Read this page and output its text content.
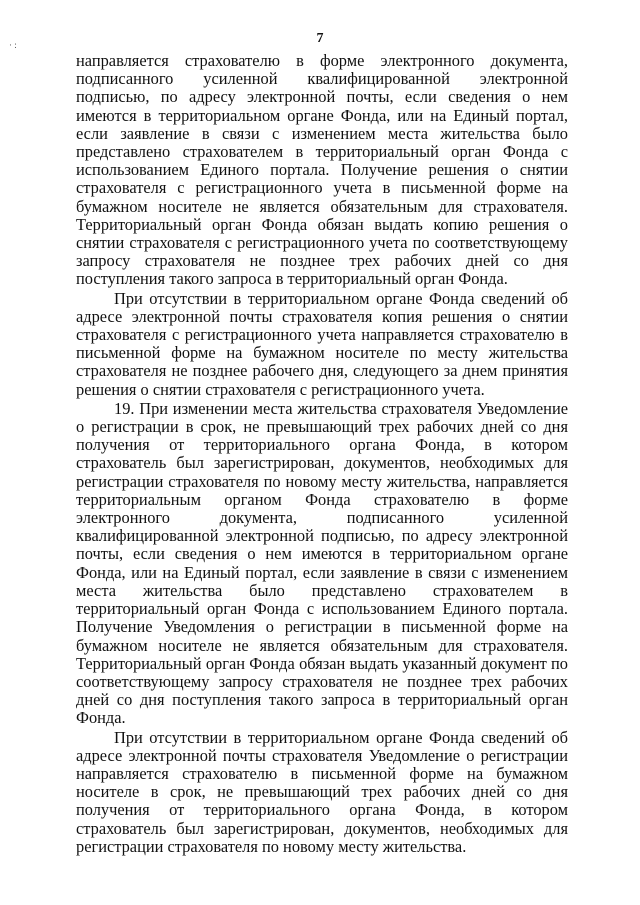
7
· :

направляется страхователю в форме электронного документа, подписанного усиленной квалифицированной электронной подписью, по адресу электронной почты, если сведения о нем имеются в территориальном органе Фонда, или на Единый портал, если заявление в связи с изменением места жительства было представлено страхователем в территориальный орган Фонда с использованием Единого портала. Получение решения о снятии страхователя с регистрационного учета в письменной форме на бумажном носителе не является обязательным для страхователя. Территориальный орган Фонда обязан выдать копию решения о снятии страхователя с регистрационного учета по соответствующему запросу страхователя не позднее трех рабочих дней со дня поступления такого запроса в территориальный орган Фонда.

При отсутствии в территориальном органе Фонда сведений об адресе электронной почты страхователя копия решения о снятии страхователя с регистрационного учета направляется страхователю в письменной форме на бумажном носителе по месту жительства страхователя не позднее рабочего дня, следующего за днем принятия решения о снятии страхователя с регистрационного учета.

19. При изменении места жительства страхователя Уведомление о регистрации в срок, не превышающий трех рабочих дней со дня получения от территориального органа Фонда, в котором страхователь был зарегистрирован, документов, необходимых для регистрации страхователя по новому месту жительства, направляется территориальным органом Фонда страхователю в форме электронного документа, подписанного усиленной квалифицированной электронной подписью, по адресу электронной почты, если сведения о нем имеются в территориальном органе Фонда, или на Единый портал, если заявление в связи с изменением места жительства было представлено страхователем в территориальный орган Фонда с использованием Единого портала. Получение Уведомления о регистрации в письменной форме на бумажном носителе не является обязательным для страхователя. Территориальный орган Фонда обязан выдать указанный документ по соответствующему запросу страхователя не позднее трех рабочих дней со дня поступления такого запроса в территориальный орган Фонда.

При отсутствии в территориальном органе Фонда сведений об адресе электронной почты страхователя Уведомление о регистрации направляется страхователю в письменной форме на бумажном носителе в срок, не превышающий трех рабочих дней со дня получения от территориального органа Фонда, в котором страхователь был зарегистрирован, документов, необходимых для регистрации страхователя по новому месту жительства.
